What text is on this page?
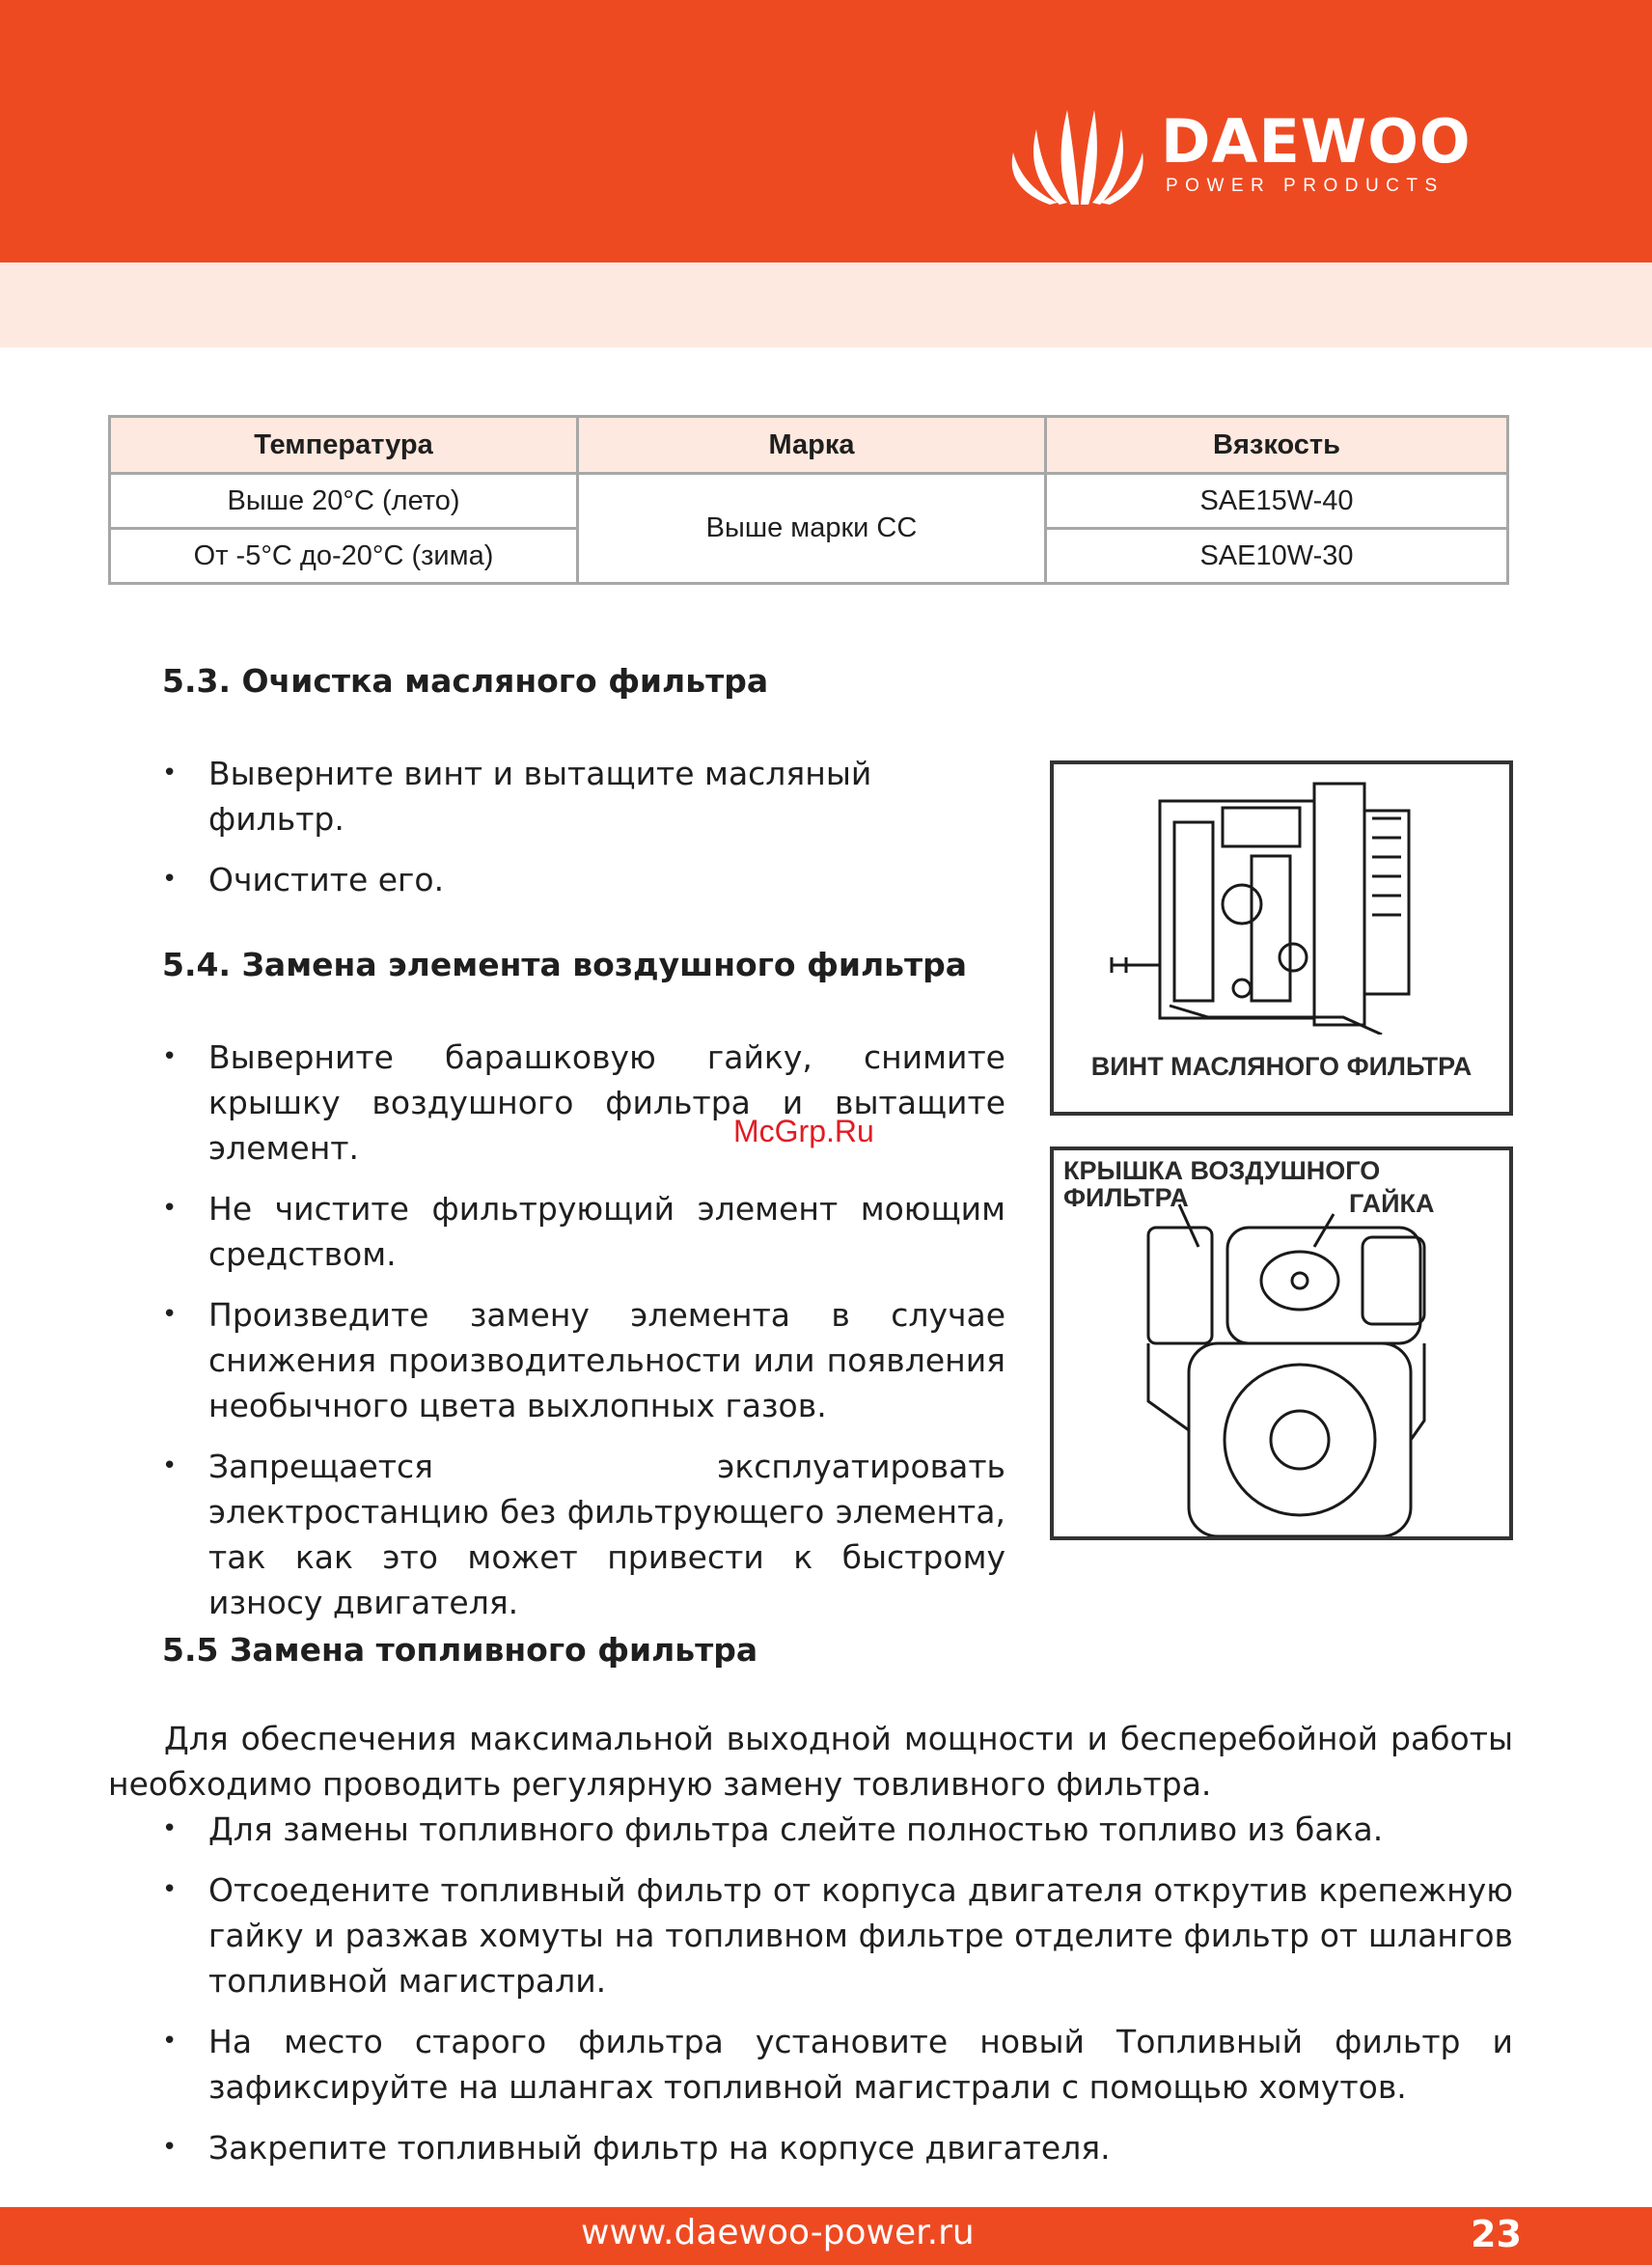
DAEWOO
POWER PRODUCTS
Температура	Марка	Вязкость
Выше 20°C (лето)	Выше марки CC	SAE15W-40
От -5°C до-20°C (зима)		SAE10W-30
5.3. Очистка масляного фильтра
• Выверните винт и вытащите масляный фильтр.
• Очистите его.
5.4. Замена элемента воздушного фильтра
• Выверните барашковую гайку, снимите крышку воздушного фильтра и вытащите элемент.
• Не чистите фильтрующий элемент моющим средством.
• Произведите замену элемента в случае снижения производительности или появления необычного цвета выхлопных газов.
• Запрещается эксплуатировать электростанцию без фильтрующего элемента, так как это может привести к быстрому износу двигателя.
ВИНТ МАСЛЯНОГО ФИЛЬТРА
КРЫШКА ВОЗДУШНОГО
ФИЛЬТРА	ГАЙКА
McGrp.Ru
5.5 Замена топливного фильтра
Для обеспечения максимальной выходной мощности и бесперебойной работы необходимо проводить регулярную замену товливного фильтра.
• Для замены топливного фильтра слейте полностью топливо из бака.
• Отсоедените топливный фильтр от корпуса двигателя открутив крепежную гайку и разжав хомуты на топливном фильтре отделите фильтр от шлангов топливной магистрали.
• На место старого фильтра установите новый Топливный фильтр и зафиксируйте на шлангах топливной магистрали с помощью хомутов.
• Закрепите топливный фильтр на корпусе двигателя.
www.daewoo-power.ru	23
